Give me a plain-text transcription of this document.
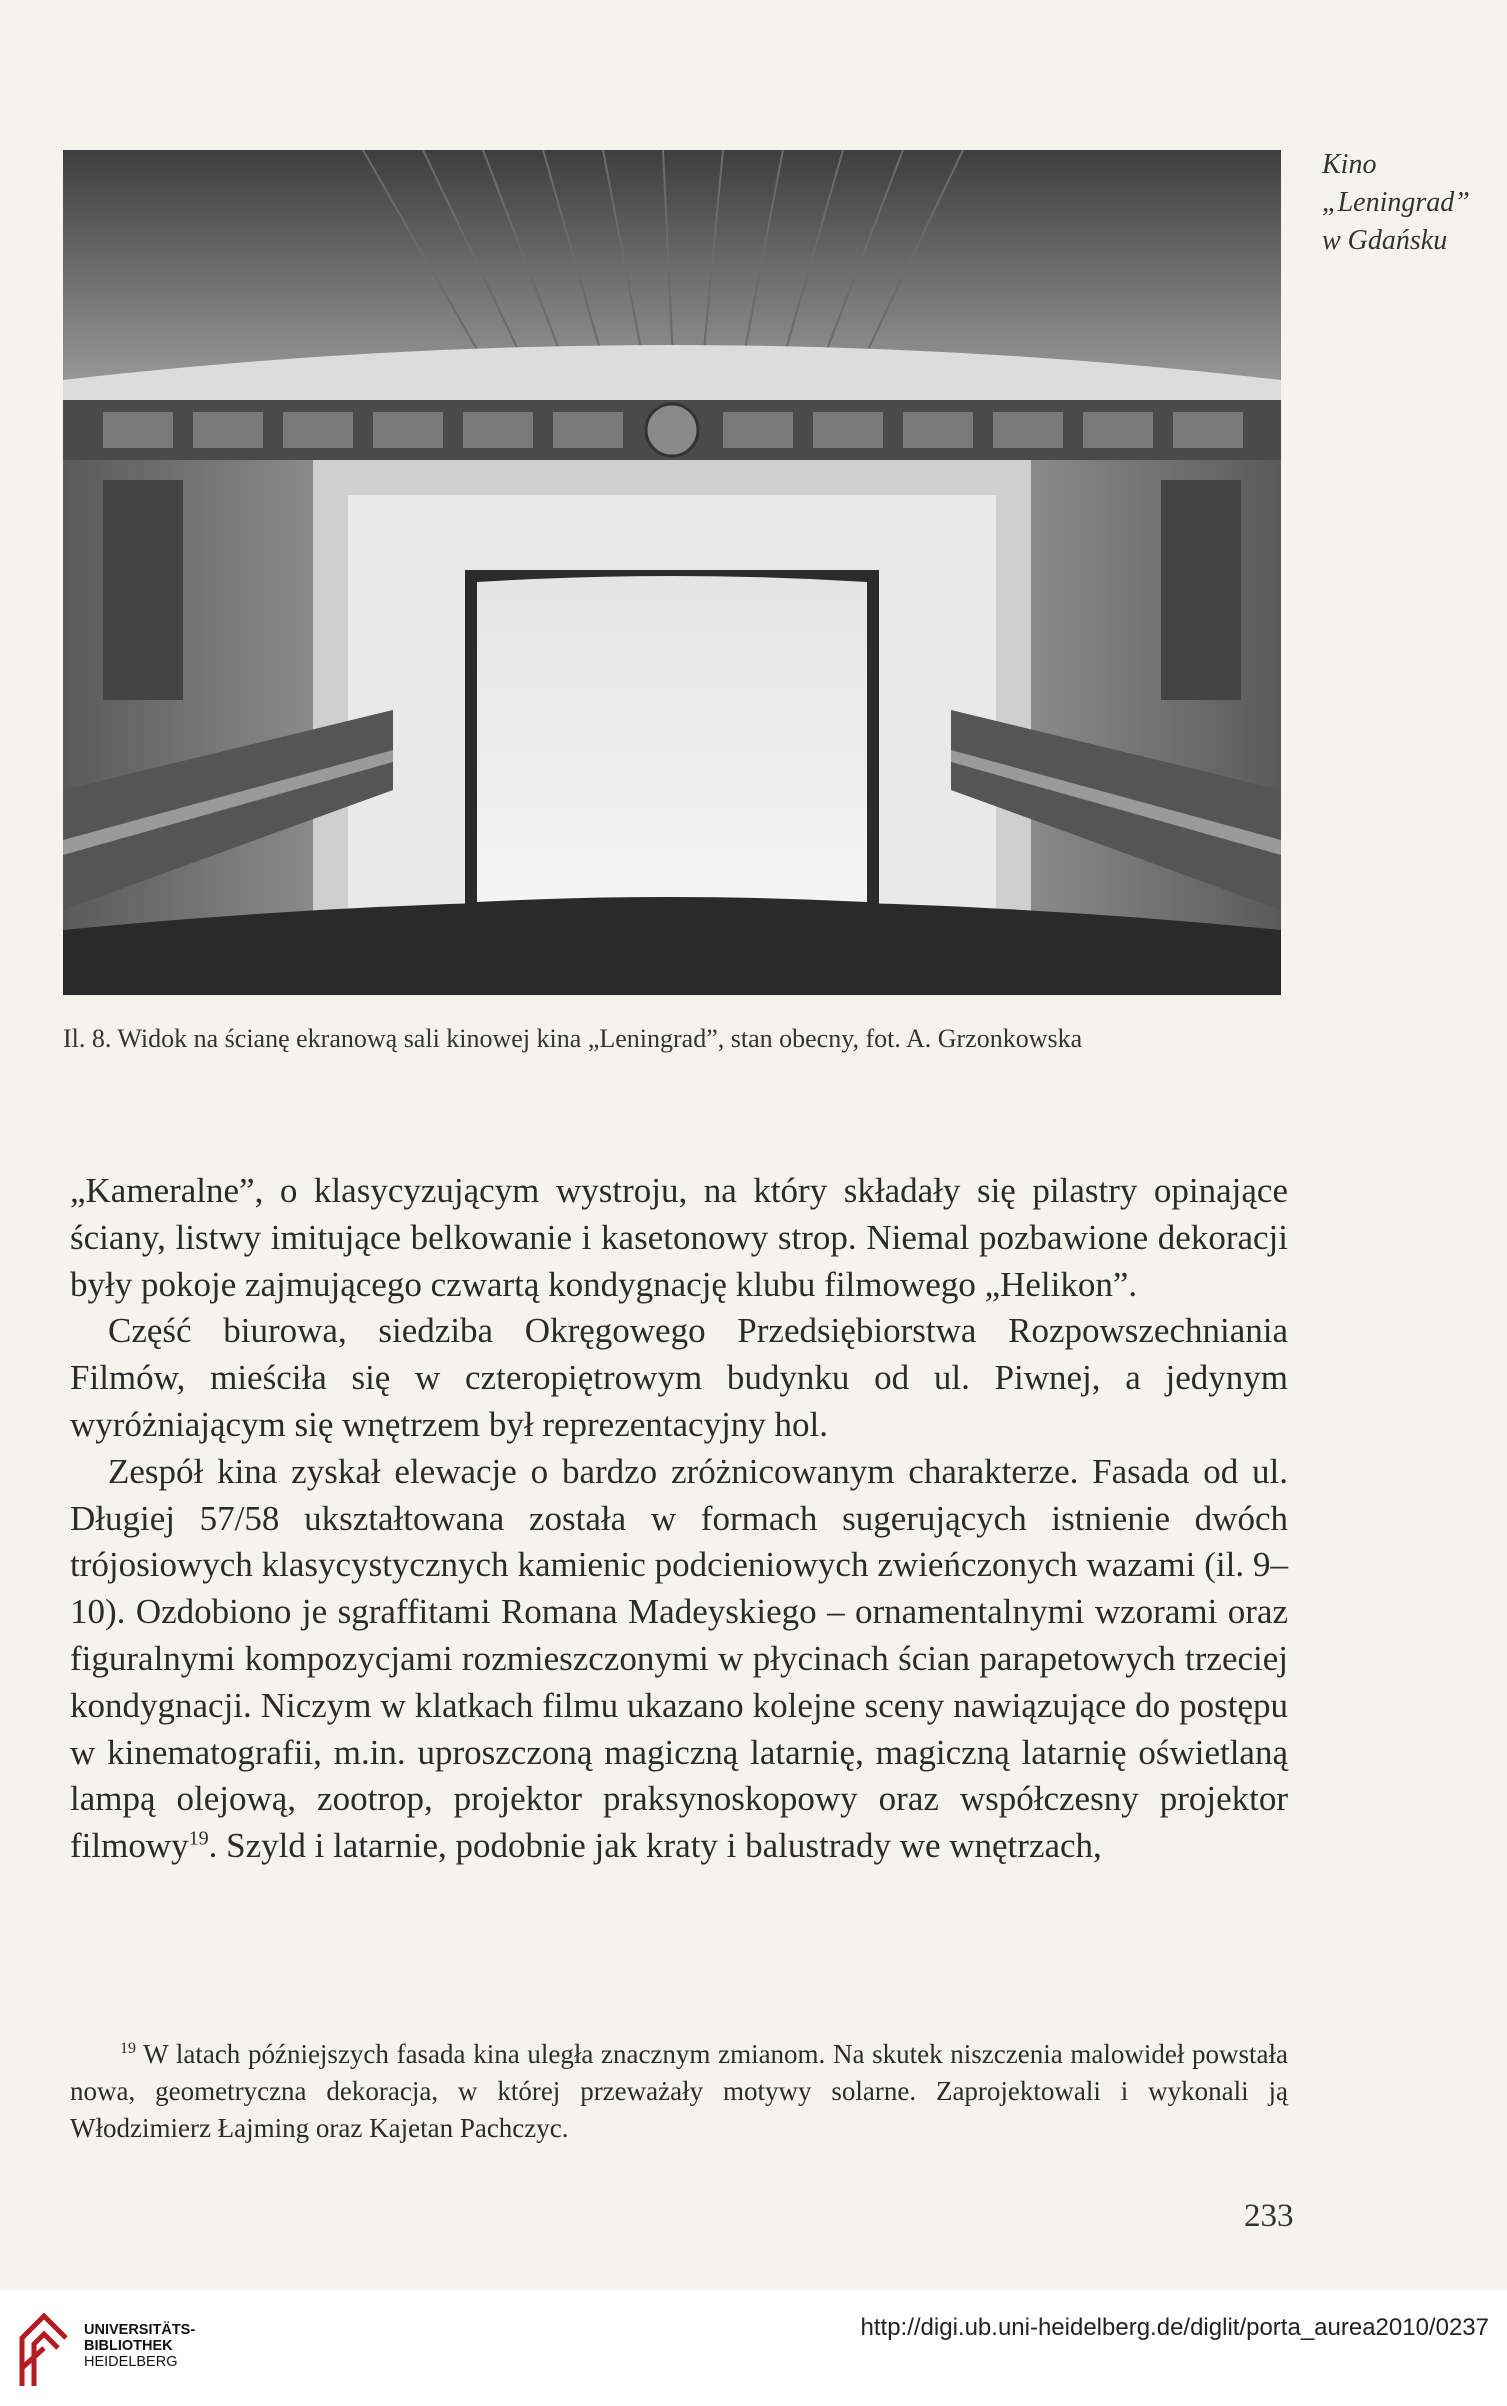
Kino
„Leningrad”
w Gdańsku
Il. 8. Widok na ścianę ekranową sali kinowej kina „Leningrad”, stan obecny, fot. A. Grzonkowska

„Kameralne”, o klasycyzującym wystroju, na który składały się pilastry opinające ściany, listwy imitujące belkowanie i kasetonowy strop. Niemal pozbawione dekoracji były pokoje zajmującego czwartą kondygnację klubu filmowego „Helikon”.

Część biurowa, siedziba Okręgowego Przedsiębiorstwa Rozpowszechniania Filmów, mieściła się w czteropiętrowym budynku od ul. Piwnej, a jedynym wyróżniającym się wnętrzem był reprezentacyjny hol.

Zespół kina zyskał elewacje o bardzo zróżnicowanym charakterze. Fasada od ul. Długiej 57/58 ukształtowana została w formach sugerujących istnienie dwóch trójosiowych klasycystycznych kamienic podcieniowych zwieńczonych wazami (il. 9–10). Ozdobiono je sgraffitami Romana Madeyskiego – ornamentalnymi wzorami oraz figuralnymi kompozycjami rozmieszczonymi w płycinach ścian parapetowych trzeciej kondygnacji. Niczym w klatkach filmu ukazano kolejne sceny nawiązujące do postępu w kinematografii, m.in. uproszczoną magiczną latarnię, magiczną latarnię oświetlaną lampą olejową, zootrop, projektor praksynoskopowy oraz współczesny projektor filmowy$^{19}$. Szyld i latarnie, podobnie jak kraty i balustrady we wnętrzach,

$^{19}$ W latach późniejszych fasada kina uległa znacznym zmianom. Na skutek niszczenia malowideł powstała nowa, geometryczna dekoracja, w której przeważały motywy solarne. Zaprojektowali i wykonali ją Włodzimierz Łajming oraz Kajetan Pachczyc.

233
UNIVERSITÄTS-
BIBLIOTHEK
HEIDELBERG
http://digi.ub.uni-heidelberg.de/diglit/porta_aurea2010/0237
